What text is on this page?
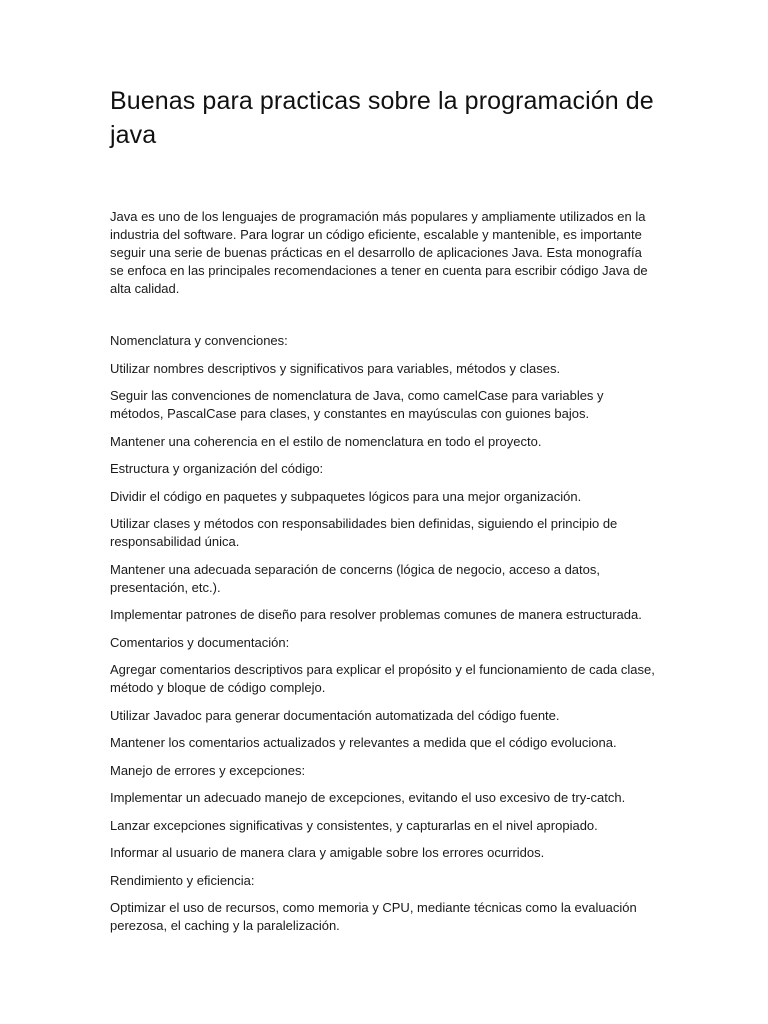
Buenas para practicas sobre la programación de java

Java es uno de los lenguajes de programación más populares y ampliamente utilizados en la industria del software. Para lograr un código eficiente, escalable y mantenible, es importante seguir una serie de buenas prácticas en el desarrollo de aplicaciones Java. Esta monografía se enfoca en las principales recomendaciones a tener en cuenta para escribir código Java de alta calidad.

Nomenclatura y convenciones:

Utilizar nombres descriptivos y significativos para variables, métodos y clases.

Seguir las convenciones de nomenclatura de Java, como camelCase para variables y métodos, PascalCase para clases, y constantes en mayúsculas con guiones bajos.

Mantener una coherencia en el estilo de nomenclatura en todo el proyecto.

Estructura y organización del código:

Dividir el código en paquetes y subpaquetes lógicos para una mejor organización.

Utilizar clases y métodos con responsabilidades bien definidas, siguiendo el principio de responsabilidad única.

Mantener una adecuada separación de concerns (lógica de negocio, acceso a datos, presentación, etc.).

Implementar patrones de diseño para resolver problemas comunes de manera estructurada.

Comentarios y documentación:

Agregar comentarios descriptivos para explicar el propósito y el funcionamiento de cada clase, método y bloque de código complejo.

Utilizar Javadoc para generar documentación automatizada del código fuente.

Mantener los comentarios actualizados y relevantes a medida que el código evoluciona.

Manejo de errores y excepciones:

Implementar un adecuado manejo de excepciones, evitando el uso excesivo de try-catch.

Lanzar excepciones significativas y consistentes, y capturarlas en el nivel apropiado.

Informar al usuario de manera clara y amigable sobre los errores ocurridos.

Rendimiento y eficiencia:

Optimizar el uso de recursos, como memoria y CPU, mediante técnicas como la evaluación perezosa, el caching y la paralelización.
